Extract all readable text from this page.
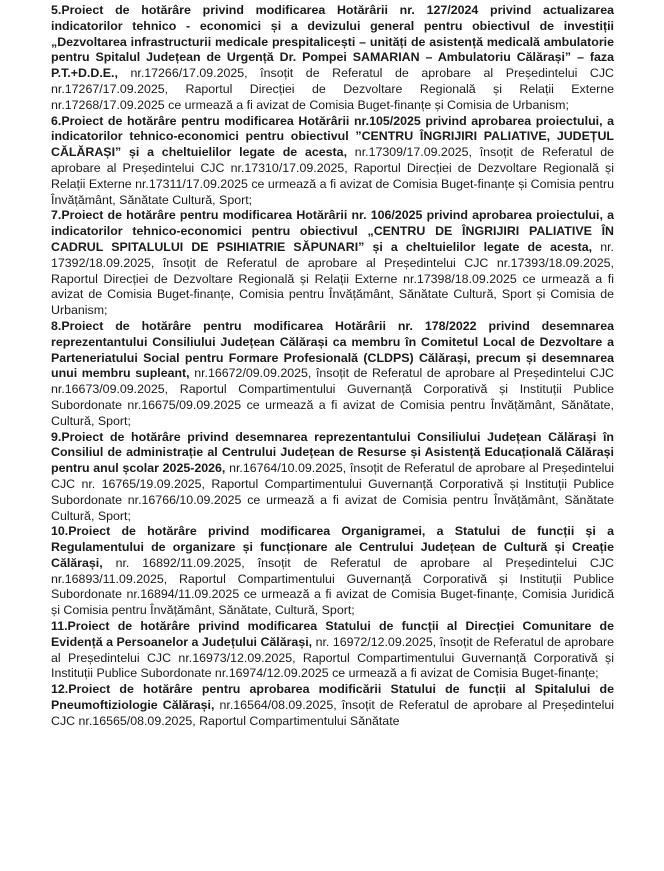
5.Proiect de hotărâre privind modificarea Hotărârii nr. 127/2024 privind actualizarea indicatorilor tehnico - economici și a devizului general pentru obiectivul de investiții „Dezvoltarea infrastructurii medicale prespitalicești – unități de asistență medicală ambulatorie pentru Spitalul Județean de Urgență Dr. Pompei SAMARIAN – Ambulatoriu Călărași” – faza P.T.+D.D.E., nr.17266/17.09.2025, însoțit de Referatul de aprobare al Președintelui CJC nr.17267/17.09.2025, Raportul Direcției de Dezvoltare Regională și Relații Externe nr.17268/17.09.2025 ce urmează a fi avizat de Comisia Buget-finanțe și Comisia de Urbanism;

6.Proiect de hotărâre pentru modificarea Hotărârii nr.105/2025 privind aprobarea proiectului, a indicatorilor tehnico-economici pentru obiectivul ”CENTRU ÎNGRIJIRI PALIATIVE, JUDEȚUL CĂLĂRAȘI” și a cheltuielilor legate de acesta, nr.17309/17.09.2025, însoțit de Referatul de aprobare al Președintelui CJC nr.17310/17.09.2025, Raportul Direcției de Dezvoltare Regională și Relații Externe nr.17311/17.09.2025 ce urmează a fi avizat de Comisia Buget-finanțe și Comisia pentru Învățământ, Sănătate Cultură, Sport;

7.Proiect de hotărâre pentru modificarea Hotărârii nr. 106/2025 privind aprobarea proiectului, a indicatorilor tehnico-economici pentru obiectivul „CENTRU DE ÎNGRIJIRI PALIATIVE ÎN CADRUL SPITALULUI DE PSIHIATRIE SĂPUNARI” și a cheltuielilor legate de acesta, nr. 17392/18.09.2025, însoțit de Referatul de aprobare al Președintelui CJC nr.17393/18.09.2025, Raportul Direcției de Dezvoltare Regională și Relații Externe nr.17398/18.09.2025 ce urmează a fi avizat de Comisia Buget-finanțe, Comisia pentru Învățământ, Sănătate Cultură, Sport și Comisia de Urbanism;

8.Proiect de hotărâre pentru modificarea Hotărârii nr. 178/2022 privind desemnarea reprezentantului Consiliului Județean Călărași ca membru în Comitetul Local de Dezvoltare a Parteneriatului Social pentru Formare Profesională (CLDPS) Călărași, precum și desemnarea unui membru supleant, nr.16672/09.09.2025, însoțit de Referatul de aprobare al Președintelui CJC nr.16673/09.09.2025, Raportul Compartimentului Guvernanță Corporativă și Instituții Publice Subordonate nr.16675/09.09.2025 ce urmează a fi avizat de Comisia pentru Învățământ, Sănătate, Cultură, Sport;

9.Proiect de hotărâre privind desemnarea reprezentantului Consiliului Județean Călărași în Consiliul de administrație al Centrului Județean de Resurse și Asistență Educațională Călărași pentru anul școlar 2025-2026, nr.16764/10.09.2025, însoțit de Referatul de aprobare al Președintelui CJC nr. 16765/19.09.2025, Raportul Compartimentului Guvernanță Corporativă și Instituții Publice Subordonate nr.16766/10.09.2025 ce urmează a fi avizat de Comisia pentru Învățământ, Sănătate Cultură, Sport;

10.Proiect de hotărâre privind modificarea Organigramei, a Statului de funcții și a Regulamentului de organizare și funcționare ale Centrului Județean de Cultură și Creație Călărași, nr. 16892/11.09.2025, însoțit de Referatul de aprobare al Președintelui CJC nr.16893/11.09.2025, Raportul Compartimentului Guvernanță Corporativă și Instituții Publice Subordonate nr.16894/11.09.2025 ce urmează a fi avizat de Comisia Buget-finanțe, Comisia Juridică și Comisia pentru Învățământ, Sănătate, Cultură, Sport;

11.Proiect de hotărâre privind modificarea Statului de funcții al Direcției Comunitare de Evidență a Persoanelor a Județului Călărași, nr. 16972/12.09.2025, însoțit de Referatul de aprobare al Președintelui CJC nr.16973/12.09.2025, Raportul Compartimentului Guvernanță Corporativă și Instituții Publice Subordonate nr.16974/12.09.2025 ce urmează a fi avizat de Comisia Buget-finanțe;

12.Proiect de hotărâre pentru aprobarea modificării Statului de funcții al Spitalului de Pneumoftiziologie Călărași, nr.16564/08.09.2025, însoțit de Referatul de aprobare al Președintelui CJC nr.16565/08.09.2025, Raportul Compartimentului Sănătate
